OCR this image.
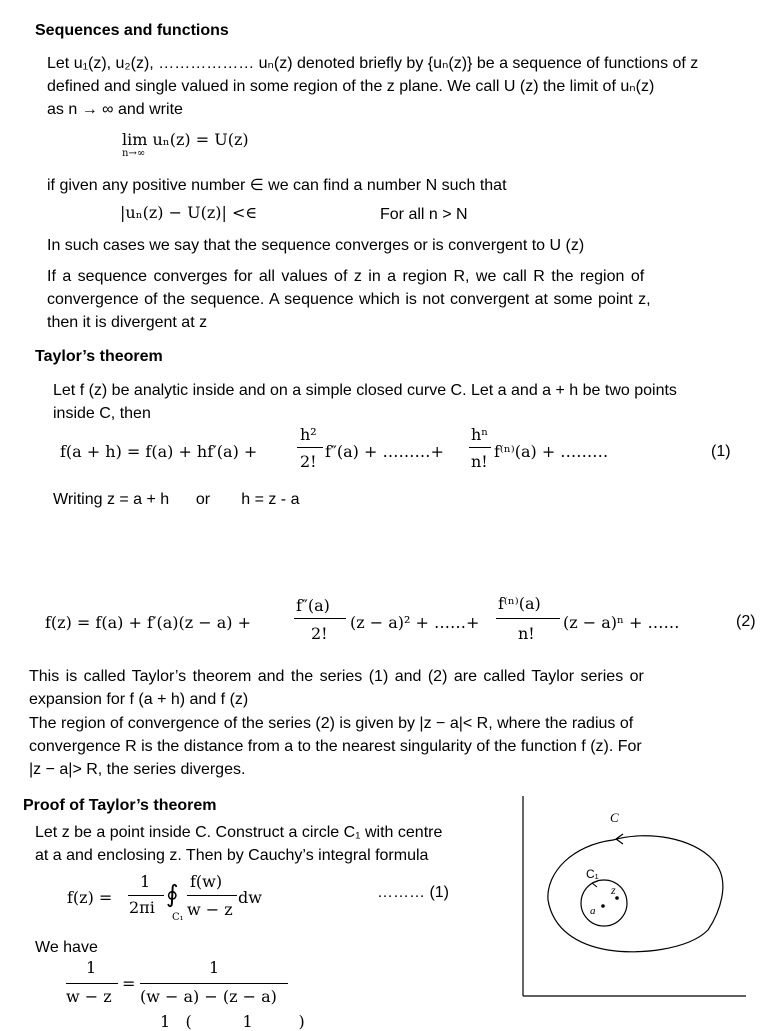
Sequences and functions
Let u₁(z), u₂(z), ……………… uₙ(z) denoted briefly by {uₙ(z)} be a sequence of functions of z
defined and single valued in some region of the z plane. We call U (z) the limit of uₙ(z)
as n → ∞ and write
lim uₙ(z) = U(z)
n→∞
if given any positive number ∈ we can find a number N such that
|uₙ(z) − U(z)| <∈	For all n > N
In such cases we say that the sequence converges or is convergent to U (z)
If a sequence converges for all values of z in a region R, we call R the region of
convergence of the sequence. A sequence which is not convergent at some point z,
then it is divergent at z
Taylor’s theorem
Let f (z) be analytic inside and on a simple closed curve C. Let a and a + h be two points
inside C, then
f(a + h) = f(a) + hf′(a) +
h²
2!
f″(a) + ………+
hⁿ
n!
f⁽ⁿ⁾(a) + ………	(1)
Writing z = a + h      or       h = z - a
f(z) = f(a) + f′(a)(z − a) +
f″(a)
2!
(z − a)² + ……+
f⁽ⁿ⁾(a)
n!
(z − a)ⁿ + ……	(2)
This is called Taylor’s theorem and the series (1) and (2) are called Taylor series or
expansion for f (a + h) and f (z)
The region of convergence of the series (2) is given by |z − a|< R, where the radius of
convergence R is the distance from a to the nearest singularity of the function f (z). For
|z − a|> R, the series diverges.
Proof of Taylor’s theorem
Let z be a point inside C. Construct a circle C₁ with centre
at a and enclosing z. Then by Cauchy’s integral formula
f(z) =
1
2πi ∮
C₁
f(w)
w − z
dw	……… (1)
We have
1
w − z
=
1
(w − a) − (z − a)
1   (          1         )
C
C₁
z
a
